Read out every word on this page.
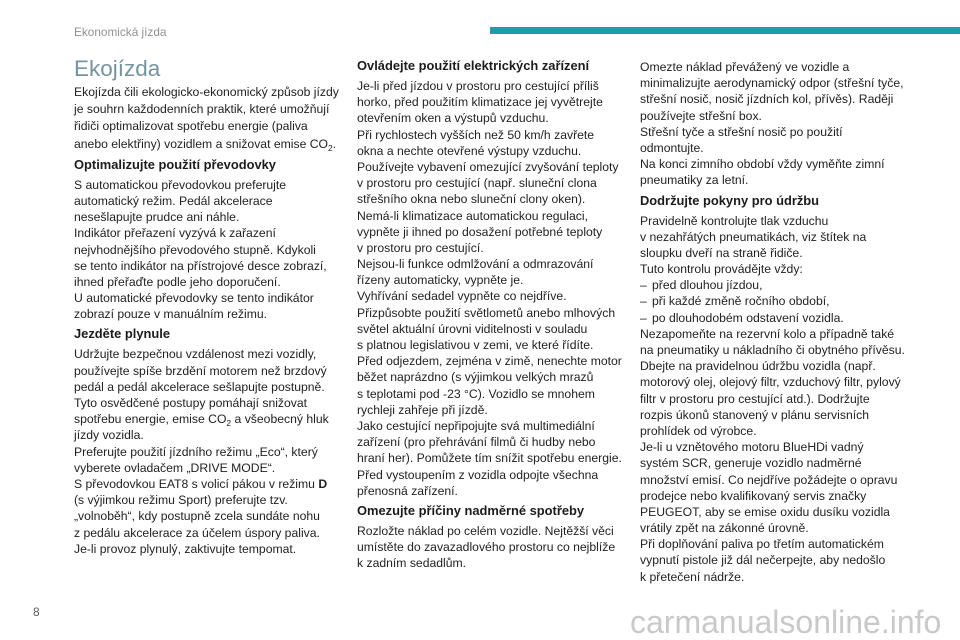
Ekonomická jízda
Ekojízda
Ekojízda čili ekologicko-ekonomický způsob jízdy
je souhrn každodenních praktik, které umožňují
řidiči optimalizovat spotřebu energie (paliva
anebo elektřiny) vozidlem a snižovat emise $CO_2$.
Optimalizujte použití převodovky
S automatickou převodovkou preferujte
automatický režim. Pedál akcelerace
nesešlapujte prudce ani náhle.
Indikátor přeřazení vyzývá k zařazení
nejvhodnějšího převodového stupně. Kdykoli
se tento indikátor na přístrojové desce zobrazí,
ihned přeřaďte podle jeho doporučení.
U automatické převodovky se tento indikátor
zobrazí pouze v manuálním režimu.
Jezděte plynule
Udržujte bezpečnou vzdálenost mezi vozidly,
používejte spíše brzdění motorem než brzdový
pedál a pedál akcelerace sešlapujte postupně.
Tyto osvědčené postupy pomáhají snižovat
spotřebu energie, emise $CO_2$ a všeobecný hluk
jízdy vozidla.
Preferujte použití jízdního režimu „Eco“, který
vyberete ovladačem „DRIVE MODE“.
S převodovkou EAT8 s volicí pákou v režimu D
(s výjimkou režimu Sport) preferujte tzv.
„volnoběh“, kdy postupně zcela sundáte nohu
z pedálu akcelerace za účelem úspory paliva.
Je-li provoz plynulý, zaktivujte tempomat.
Ovládejte použití elektrických zařízení
Je-li před jízdou v prostoru pro cestující příliš
horko, před použitím klimatizace jej vyvětrejte
otevřením oken a výstupů vzduchu.
Při rychlostech vyšších než 50 km/h zavřete
okna a nechte otevřené výstupy vzduchu.
Používejte vybavení omezující zvyšování teploty
v prostoru pro cestující (např. sluneční clona
střešního okna nebo sluneční clony oken).
Nemá-li klimatizace automatickou regulaci,
vypněte ji ihned po dosažení potřebné teploty
v prostoru pro cestující.
Nejsou-li funkce odmlžování a odmrazování
řízeny automaticky, vypněte je.
Vyhřívání sedadel vypněte co nejdříve.
Přizpůsobte použití světlometů anebo mlhových
světel aktuální úrovni viditelnosti v souladu
s platnou legislativou v zemi, ve které řídíte.
Před odjezdem, zejména v zimě, nenechte motor
běžet naprázdno (s výjimkou velkých mrazů
s teplotami pod -23 °C). Vozidlo se mnohem
rychleji zahřeje při jízdě.
Jako cestující nepřipojujte svá multimediální
zařízení (pro přehrávání filmů či hudby nebo
hraní her). Pomůžete tím snížit spotřebu energie.
Před vystoupením z vozidla odpojte všechna
přenosná zařízení.
Omezujte příčiny nadměrné spotřeby
Rozložte náklad po celém vozidle. Nejtěžší věci
umístěte do zavazadlového prostoru co nejblíže
k zadním sedadlům.
Omezte náklad převážený ve vozidle a
minimalizujte aerodynamický odpor (střešní tyče,
střešní nosič, nosič jízdních kol, přívěs). Raději
používejte střešní box.
Střešní tyče a střešní nosič po použití
odmontujte.
Na konci zimního období vždy vyměňte zimní
pneumatiky za letní.
Dodržujte pokyny pro údržbu
Pravidelně kontrolujte tlak vzduchu
v nezahřátých pneumatikách, viz štítek na
sloupku dveří na straně řidiče.
Tuto kontrolu provádějte vždy:
– před dlouhou jízdou,
– při každé změně ročního období,
– po dlouhodobém odstavení vozidla.
Nezapomeňte na rezervní kolo a případně také
na pneumatiky u nákladního či obytného přívěsu.
Dbejte na pravidelnou údržbu vozidla (např.
motorový olej, olejový filtr, vzduchový filtr, pylový
filtr v prostoru pro cestující atd.). Dodržujte
rozpis úkonů stanovený v plánu servisních
prohlídek od výrobce.
Je-li u vznětového motoru BlueHDi vadný
systém SCR, generuje vozidlo nadměrné
množství emisí. Co nejdříve požádejte o opravu
prodejce nebo kvalifikovaný servis značky
PEUGEOT, aby se emise oxidu dusíku vozidla
vrátily zpět na zákonné úrovně.
Při doplňování paliva po třetím automatickém
vypnutí pistole již dál nečerpejte, aby nedošlo
k přetečení nádrže.
8	carmanualsonline.info
